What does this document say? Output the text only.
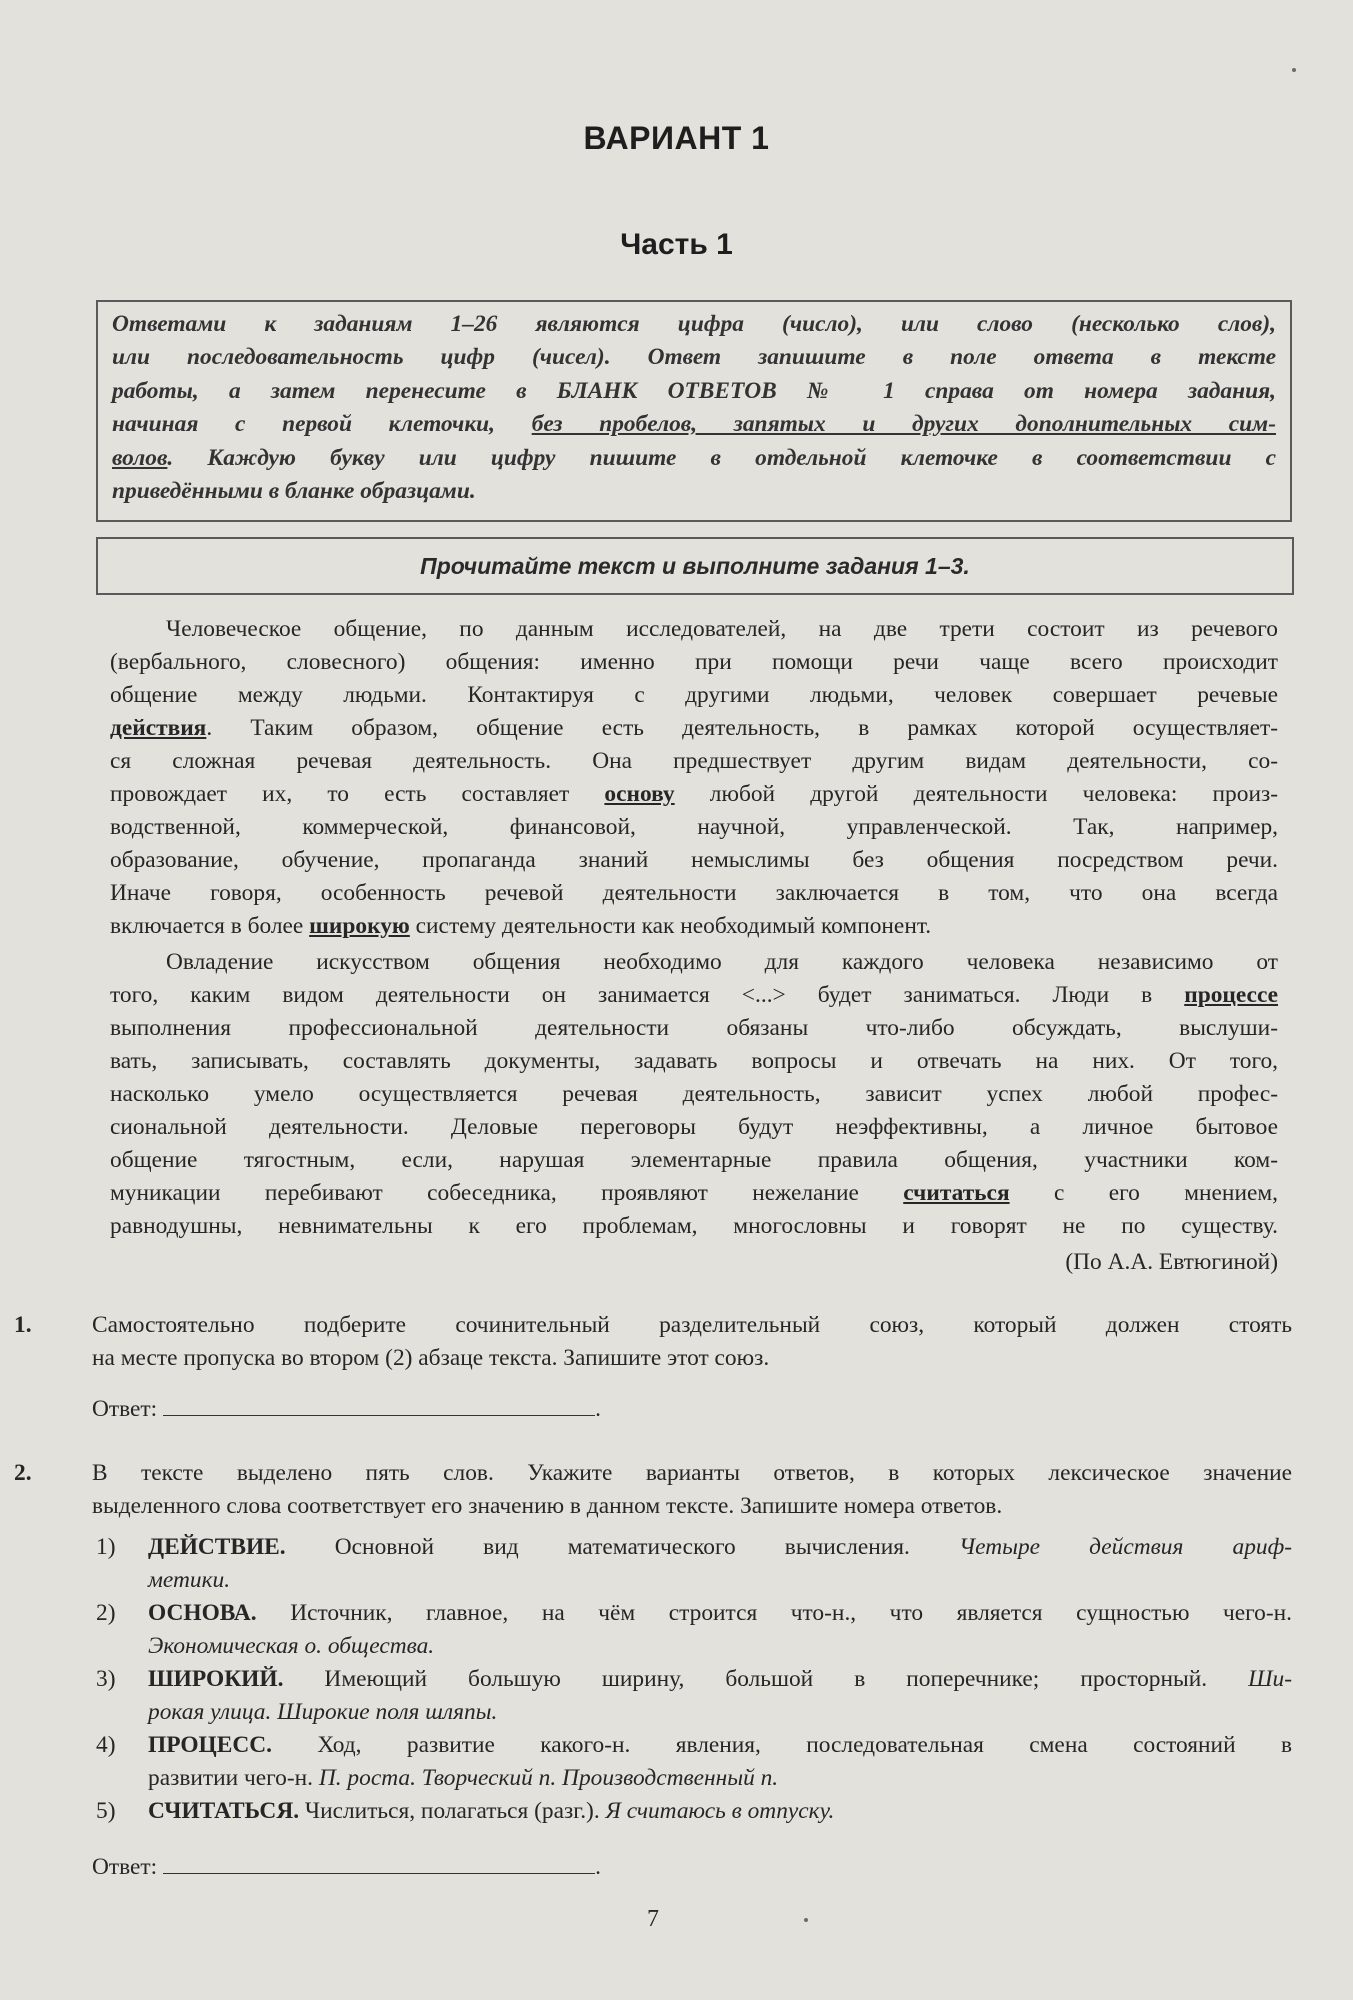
ВАРИАНТ 1
Часть 1
Ответами к заданиям 1–26 являются цифра (число), или слово (несколько слов),
или последовательность цифр (чисел). Ответ запишите в поле ответа в тексте
работы, а затем перенесите в БЛАНК ОТВЕТОВ № 1 справа от номера задания,
начиная с первой клеточки, без пробелов, запятых и других дополнительных сим-
волов. Каждую букву или цифру пишите в отдельной клеточке в соответствии с
приведёнными в бланке образцами.
Прочитайте текст и выполните задания 1–3.
Человеческое общение, по данным исследователей, на две трети состоит из речевого
(вербального, словесного) общения: именно при помощи речи чаще всего происходит
общение между людьми. Контактируя с другими людьми, человек совершает речевые
действия. Таким образом, общение есть деятельность, в рамках которой осуществляет-
ся сложная речевая деятельность. Она предшествует другим видам деятельности, со-
провождает их, то есть составляет основу любой другой деятельности человека: произ-
водственной, коммерческой, финансовой, научной, управленческой. Так, например,
образование, обучение, пропаганда знаний немыслимы без общения посредством речи.
Иначе говоря, особенность речевой деятельности заключается в том, что она всегда
включается в более широкую систему деятельности как необходимый компонент.
Овладение искусством общения необходимо для каждого человека независимо от
того, каким видом деятельности он занимается <...> будет заниматься. Люди в процессе
выполнения профессиональной деятельности обязаны что-либо обсуждать, выслуши-
вать, записывать, составлять документы, задавать вопросы и отвечать на них. От того,
насколько умело осуществляется речевая деятельность, зависит успех любой профес-
сиональной деятельности. Деловые переговоры будут неэффективны, а личное бытовое
общение тягостным, если, нарушая элементарные правила общения, участники ком-
муникации перебивают собеседника, проявляют нежелание считаться с его мнением,
равнодушны, невнимательны к его проблемам, многословны и говорят не по существу.
(По А.А. Евтюгиной)
1.	Самостоятельно подберите сочинительный разделительный союз, который должен стоять
на месте пропуска во втором (2) абзаце текста. Запишите этот союз.
Ответ:	.
2.	В тексте выделено пять слов. Укажите варианты ответов, в которых лексическое значение
выделенного слова соответствует его значению в данном тексте. Запишите номера ответов.
1)	ДЕЙСТВИЕ. Основной вид математического вычисления. Четыре действия ариф-
метики.
2)	ОСНОВА. Источник, главное, на чём строится что-н., что является сущностью чего-н.
Экономическая о. общества.
3)	ШИРОКИЙ. Имеющий большую ширину, большой в поперечнике; просторный. Ши-
рокая улица. Широкие поля шляпы.
4)	ПРОЦЕСС. Ход, развитие какого-н. явления, последовательная смена состояний в
развитии чего-н. П. роста. Творческий п. Производственный п.
5)	СЧИТАТЬСЯ. Числиться, полагаться (разг.). Я считаюсь в отпуску.
Ответ:	.
7
